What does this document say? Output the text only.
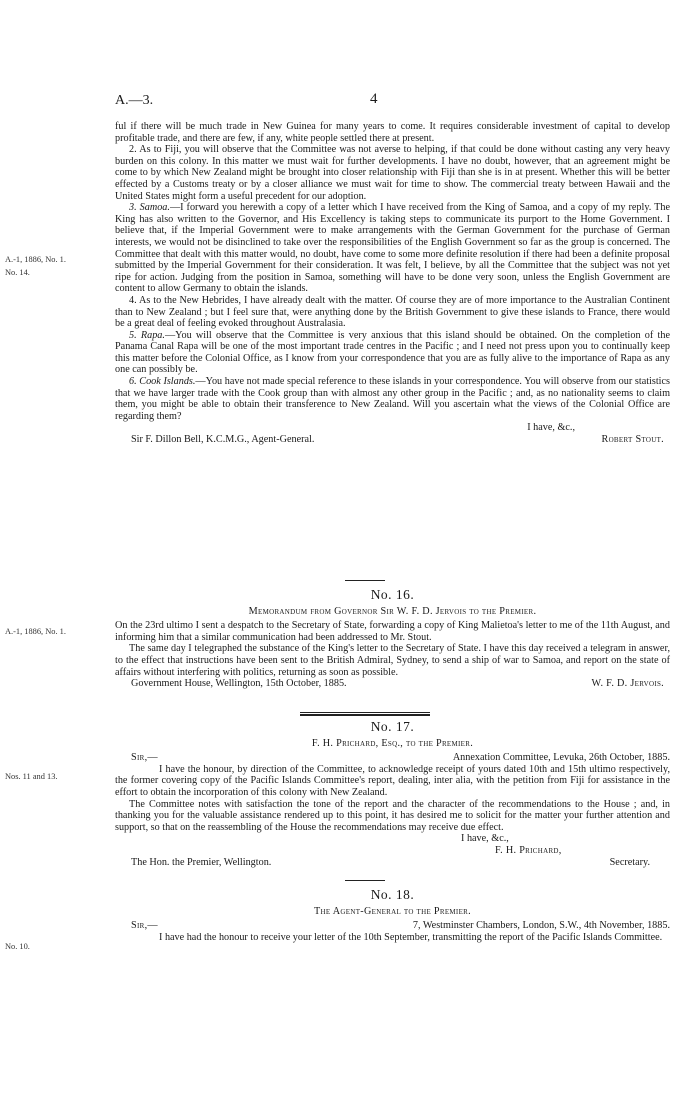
A.—3.	4

ful if there will be much trade in New Guinea for many years to come. It requires considerable investment of capital to develop profitable trade, and there are few, if any, white people settled there at present.

2. As to Fiji, you will observe that the Committee was not averse to helping, if that could be done without casting any very heavy burden on this colony. In this matter we must wait for further developments. I have no doubt, however, that an agreement might be come to by which New Zealand might be brought into closer relationship with Fiji than she is in at present. Whether this will be better effected by a Customs treaty or by a closer alliance we must wait for time to show. The commercial treaty between Hawaii and the United States might form a useful precedent for our adoption.

3. Samoa.—I forward you herewith a copy of a letter which I have received from the King of Samoa, and a copy of my reply. The King has also written to the Governor, and His Excellency is taking steps to communicate its purport to the Home Government. I believe that, if the Imperial Government were to make arrangements with the German Government for the purchase of German interests, we would not be disinclined to take over the responsibilities of the English Government so far as the group is concerned. The Committee that dealt with this matter would, no doubt, have come to some more definite resolution if there had been a definite proposal submitted by the Imperial Government for their consideration. It was felt, I believe, by all the Committee that the subject was not yet ripe for action. Judging from the position in Samoa, something will have to be done very soon, unless the English Government are content to allow Germany to obtain the islands.

4. As to the New Hebrides, I have already dealt with the matter. Of course they are of more importance to the Australian Continent than to New Zealand ; but I feel sure that, were anything done by the British Government to give these islands to France, there would be a great deal of feeling evoked throughout Australasia.

5. Rapa.—You will observe that the Committee is very anxious that this island should be obtained. On the completion of the Panama Canal Rapa will be one of the most important trade centres in the Pacific ; and I need not press upon you to continually keep this matter before the Colonial Office, as I know from your correspondence that you are as fully alive to the importance of Rapa as any one can possibly be.

6. Cook Islands.—You have not made special reference to these islands in your correspondence. You will observe from our statistics that we have larger trade with the Cook group than with almost any other group in the Pacific ; and, as no nationality seems to claim them, you might be able to obtain their transference to New Zealand. Will you ascertain what the views of the Colonial Office are regarding them?

I have, &c.,
Sir F. Dillon Bell, K.C.M.G., Agent-General.	Robert Stout.
A.-1, 1886, No. 1.
No. 14.

No. 16.

Memorandum from Governor Sir W. F. D. Jervois to the Premier.

On the 23rd ultimo I sent a despatch to the Secretary of State, forwarding a copy of King Malietoa's letter to me of the 11th August, and informing him that a similar communication had been addressed to Mr. Stout.

The same day I telegraphed the substance of the King's letter to the Secretary of State. I have this day received a telegram in answer, to the effect that instructions have been sent to the British Admiral, Sydney, to send a ship of war to Samoa, and report on the state of affairs without interfering with politics, returning as soon as possible.

Government House, Wellington, 15th October, 1885.	W. F. D. Jervois.
A.-1, 1886, No. 1.

No. 17.

F. H. Prichard, Esq., to the Premier.

Sir,—	Annexation Committee, Levuka, 26th October, 1885.

I have the honour, by direction of the Committee, to acknowledge receipt of yours dated 10th and 15th ultimo respectively, the former covering copy of the Pacific Islands Committee's report, dealing, inter alia, with the petition from Fiji for assistance in the effort to obtain the incorporation of this colony with New Zealand.

The Committee notes with satisfaction the tone of the report and the character of the recommendations to the House ; and, in thanking you for the valuable assistance rendered up to this point, it has desired me to solicit for the matter your further attention and support, so that on the reassembling of the House the recommendations may receive due effect.

I have, &c.,
F. H. Prichard,
The Hon. the Premier, Wellington.	Secretary.
Nos. 11 and 13.

No. 18.

The Agent-General to the Premier.

Sir,—	7, Westminster Chambers, London, S.W., 4th November, 1885.

I have had the honour to receive your letter of the 10th September, transmitting the report of the Pacific Islands Committee.

No. 10.
